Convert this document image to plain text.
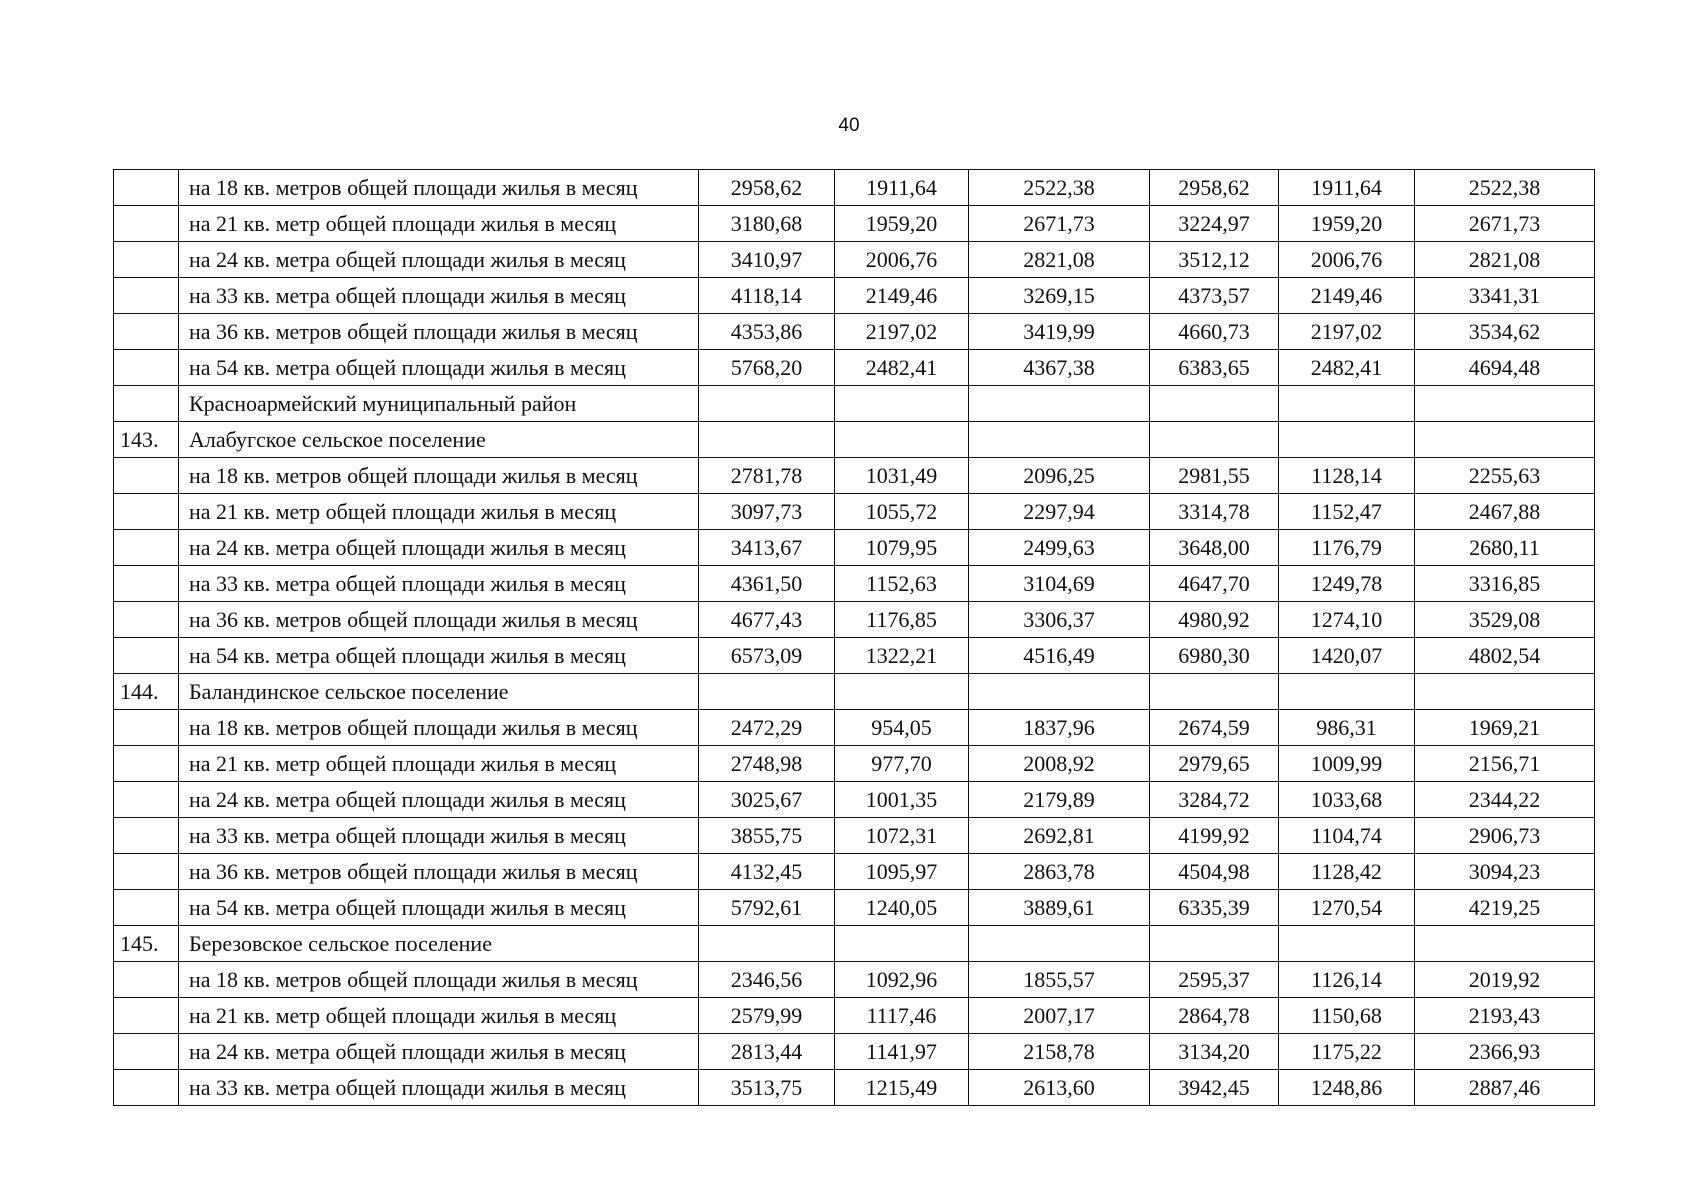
40
	на 18 кв. метров общей площади жилья в месяц	2958,62	1911,64	2522,38	2958,62	1911,64	2522,38
	на 21 кв. метр общей площади жилья в месяц	3180,68	1959,20	2671,73	3224,97	1959,20	2671,73
	на 24 кв. метра общей площади жилья в месяц	3410,97	2006,76	2821,08	3512,12	2006,76	2821,08
	на 33 кв. метра общей площади жилья в месяц	4118,14	2149,46	3269,15	4373,57	2149,46	3341,31
	на 36 кв. метров общей площади жилья в месяц	4353,86	2197,02	3419,99	4660,73	2197,02	3534,62
	на 54 кв. метра общей площади жилья в месяц	5768,20	2482,41	4367,38	6383,65	2482,41	4694,48
	Красноармейский муниципальный район						
143.	Алабугское сельское поселение						
	на 18 кв. метров общей площади жилья в месяц	2781,78	1031,49	2096,25	2981,55	1128,14	2255,63
	на 21 кв. метр общей площади жилья в месяц	3097,73	1055,72	2297,94	3314,78	1152,47	2467,88
	на 24 кв. метра общей площади жилья в месяц	3413,67	1079,95	2499,63	3648,00	1176,79	2680,11
	на 33 кв. метра общей площади жилья в месяц	4361,50	1152,63	3104,69	4647,70	1249,78	3316,85
	на 36 кв. метров общей площади жилья в месяц	4677,43	1176,85	3306,37	4980,92	1274,10	3529,08
	на 54 кв. метра общей площади жилья в месяц	6573,09	1322,21	4516,49	6980,30	1420,07	4802,54
144.	Баландинское сельское поселение						
	на 18 кв. метров общей площади жилья в месяц	2472,29	954,05	1837,96	2674,59	986,31	1969,21
	на 21 кв. метр общей площади жилья в месяц	2748,98	977,70	2008,92	2979,65	1009,99	2156,71
	на 24 кв. метра общей площади жилья в месяц	3025,67	1001,35	2179,89	3284,72	1033,68	2344,22
	на 33 кв. метра общей площади жилья в месяц	3855,75	1072,31	2692,81	4199,92	1104,74	2906,73
	на 36 кв. метров общей площади жилья в месяц	4132,45	1095,97	2863,78	4504,98	1128,42	3094,23
	на 54 кв. метра общей площади жилья в месяц	5792,61	1240,05	3889,61	6335,39	1270,54	4219,25
145.	Березовское сельское поселение						
	на 18 кв. метров общей площади жилья в месяц	2346,56	1092,96	1855,57	2595,37	1126,14	2019,92
	на 21 кв. метр общей площади жилья в месяц	2579,99	1117,46	2007,17	2864,78	1150,68	2193,43
	на 24 кв. метра общей площади жилья в месяц	2813,44	1141,97	2158,78	3134,20	1175,22	2366,93
	на 33 кв. метра общей площади жилья в месяц	3513,75	1215,49	2613,60	3942,45	1248,86	2887,46
